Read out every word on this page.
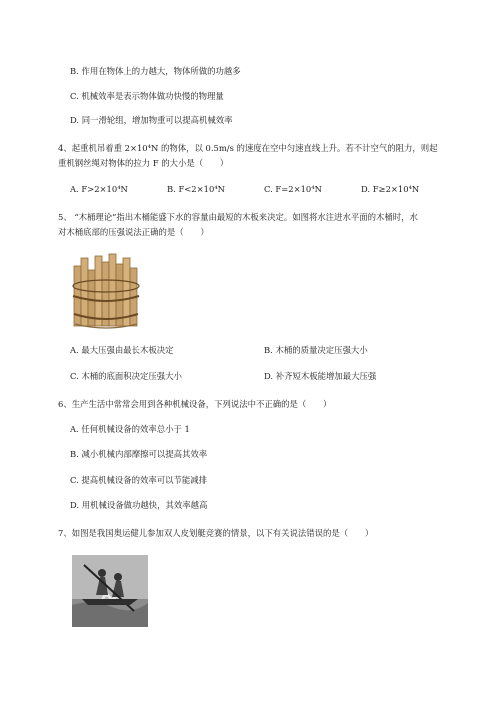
B. 作用在物体上的力越大，物体所做的功越多
C. 机械效率是表示物体做功快慢的物理量
D. 同一滑轮组，增加物重可以提高机械效率
4、起重机吊着重 2×10⁴N 的物体，以 0.5m/s 的速度在空中匀速直线上升。若不计空气的阻力，则起
重机钢丝绳对物体的拉力 F 的大小是（　　）
A. F>2×10⁴N	B. F<2×10⁴N	C. F=2×10⁴N	D. F≥2×10⁴N
5、 “木桶理论”指出木桶能盛下水的容量由最短的木板来决定。如图将水注进水平面的木桶时，水
对木桶底部的压强说法正确的是（　　）
A. 最大压强由最长木板决定	B. 木桶的质量决定压强大小
C. 木桶的底面积决定压强大小	D. 补齐短木板能增加最大压强
6、生产生活中常常会用到各种机械设备，下列说法中不正确的是（　　）
A. 任何机械设备的效率总小于 1
B. 减小机械内部摩擦可以提高其效率
C. 提高机械设备的效率可以节能减排
D. 用机械设备做功越快，其效率越高
7、如图是我国奥运健儿参加双人皮划艇竞赛的情景，以下有关说法错误的是（　　）
